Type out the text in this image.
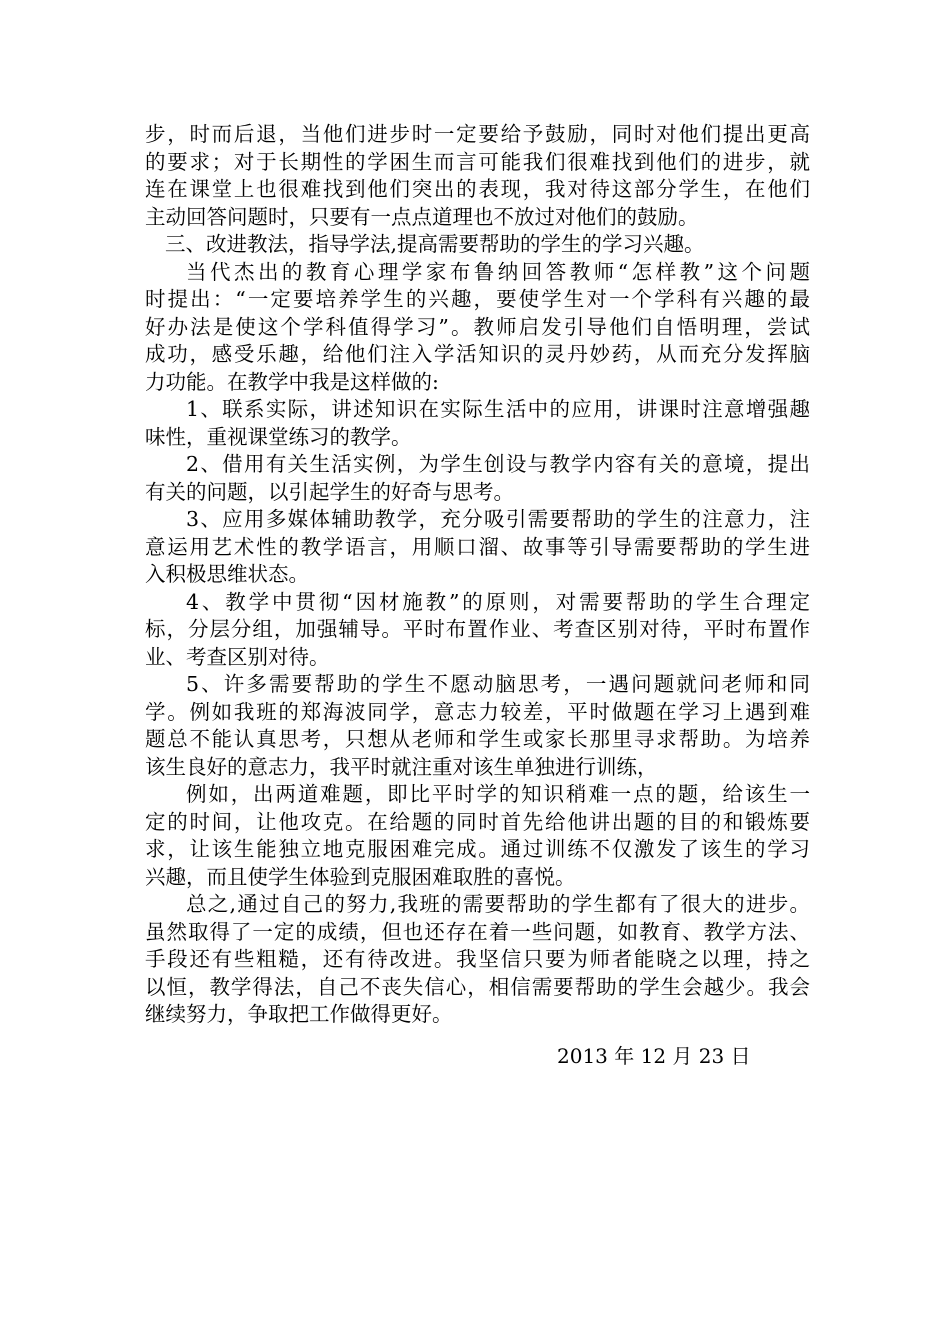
步，时而后退，当他们进步时一定要给予鼓励，同时对他们提出更高
的要求；对于长期性的学困生而言可能我们很难找到他们的进步，就
连在课堂上也很难找到他们突出的表现，我对待这部分学生，在他们
主动回答问题时，只要有一点点道理也不放过对他们的鼓励。
三、改进教法，指导学法,提高需要帮助的学生的学习兴趣。
当代杰出的教育心理学家布鲁纳回答教师“怎样教”这个问题
时提出：“一定要培养学生的兴趣，要使学生对一个学科有兴趣的最
好办法是使这个学科值得学习”。教师启发引导他们自悟明理，尝试
成功，感受乐趣，给他们注入学活知识的灵丹妙药，从而充分发挥脑
力功能。在教学中我是这样做的:
1、联系实际，讲述知识在实际生活中的应用，讲课时注意增强趣
味性，重视课堂练习的教学。
2、借用有关生活实例，为学生创设与教学内容有关的意境，提出
有关的问题，以引起学生的好奇与思考。
3、应用多媒体辅助教学，充分吸引需要帮助的学生的注意力，注
意运用艺术性的教学语言，用顺口溜、故事等引导需要帮助的学生进
入积极思维状态。
4、教学中贯彻“因材施教”的原则，对需要帮助的学生合理定
标，分层分组，加强辅导。平时布置作业、考查区别对待，平时布置作
业、考查区别对待。
5、许多需要帮助的学生不愿动脑思考，一遇问题就问老师和同
学。例如我班的郑海波同学，意志力较差，平时做题在学习上遇到难
题总不能认真思考，只想从老师和学生或家长那里寻求帮助。为培养
该生良好的意志力，我平时就注重对该生单独进行训练，
例如，出两道难题，即比平时学的知识稍难一点的题，给该生一
定的时间，让他攻克。在给题的同时首先给他讲出题的目的和锻炼要
求，让该生能独立地克服困难完成。通过训练不仅激发了该生的学习
兴趣，而且使学生体验到克服困难取胜的喜悦。
总之,通过自己的努力,我班的需要帮助的学生都有了很大的进步。
虽然取得了一定的成绩，但也还存在着一些问题，如教育、教学方法、
手段还有些粗糙，还有待改进。我坚信只要为师者能晓之以理，持之
以恒，教学得法，自己不丧失信心，相信需要帮助的学生会越少。我会
继续努力，争取把工作做得更好。
2013 年 12 月 23 日
